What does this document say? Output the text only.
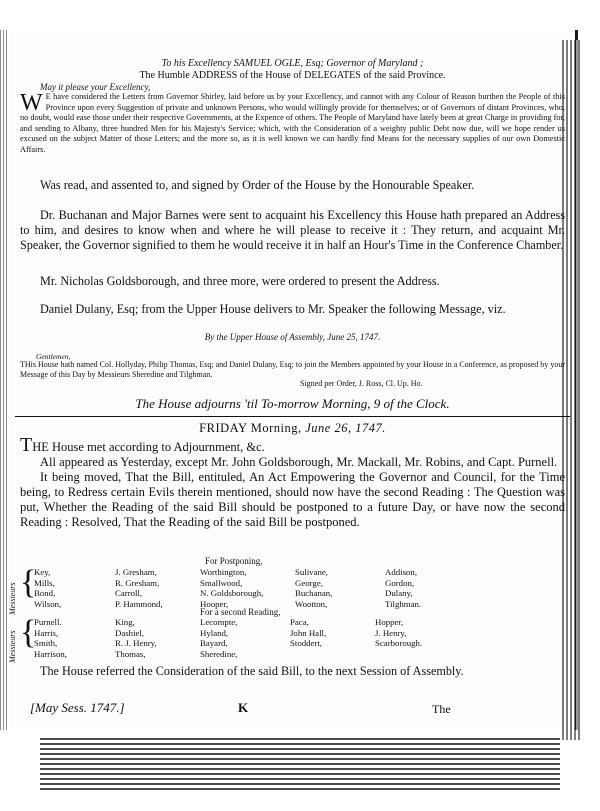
To his Excellency SAMUEL OGLE, Esq; Governor of Maryland ;
The Humble ADDRESS of the House of DELEGATES of the said Province.
May it please your Excellency,
W E have considered the Letters from Governor Shirley, laid before us by your Excellency, and cannot with any Colour of Reason burthen the People of this Province upon every Suggestion of private and unknown Persons, who would willingly provide for themselves; or of Governors of distant Provinces, who, no doubt, would ease those under their respective Governments, at the Expence of others. The People of Maryland have lately been at great Charge in providing for, and sending to Albany, three hundred Men for his Majesty's Service; which, with the Consideration of a weighty public Debt now due, will we hope render us excused on the subject Matter of those Letters; and the more so, as it is well known we can hardly find Means for the necessary supplies of our own Domestic Affairs.
Was read, and assented to, and signed by Order of the House by the Honourable Speaker.
Dr. Buchanan and Major Barnes were sent to acquaint his Excellency this House hath prepared an Address to him, and desires to know when and where he will please to receive it : They return, and acquaint Mr. Speaker, the Governor signified to them he would receive it in half an Hour's Time in the Conference Chamber.
Mr. Nicholas Goldsborough, and three more, were ordered to present the Address.
Daniel Dulany, Esq; from the Upper House delivers to Mr. Speaker the following Message, viz.
By the Upper House of Assembly, June 25, 1747.
Gentlemen,
THis House hath named Col. Hollyday, Philip Thomas, Esq; and Daniel Dulany, Esq; to join the Members appointed by your House in a Conference, as proposed by your Message of this Day by Messieurs Sheredine and Tilghman.
Signed per Order, J. Ross, Cl. Up. Ho.
The House adjourns 'til To-morrow Morning, 9 of the Clock.
FRIDAY Morning, June 26, 1747.
THE House met according to Adjournment, &c.
All appeared as Yesterday, except Mr. John Goldsborough, Mr. Mackall, Mr. Robins, and Capt. Purnell.
It being moved, That the Bill, entituled, An Act Empowering the Governor and Council, for the Time being, to Redress certain Evils therein mentioned, should now have the second Reading : The Question was put, Whether the Reading of the said Bill should be postponed to a future Day, or have now the second Reading : Resolved, That the Reading of the said Bill be postponed.
For Postponing,
Messieurs {
Key,
Mills,
Bond,
Wilson,
J. Gresham,
R. Gresham,
Carroll,
P. Hammond,
Worthington,
Smallwood,
N. Goldsborough,
Hooper,
Sulivane,
George,
Buchanan,
Wootton,
Addison,
Gordon,
Dulany,
Tilghman.
For a second Reading,
Messieurs {
Purnell.
Harris,
Smith,
Harrison,
King,
Dashiel,
R. J. Henry,
Thomas,
Lecompte,
Hyland,
Bayard,
Sheredine,
Paca,
John Hall,
Stoddert,
Hopper,
J. Henry,
Scarborough.
The House referred the Consideration of the said Bill, to the next Session of Assembly.
[May Sess. 1747.]	K	The
